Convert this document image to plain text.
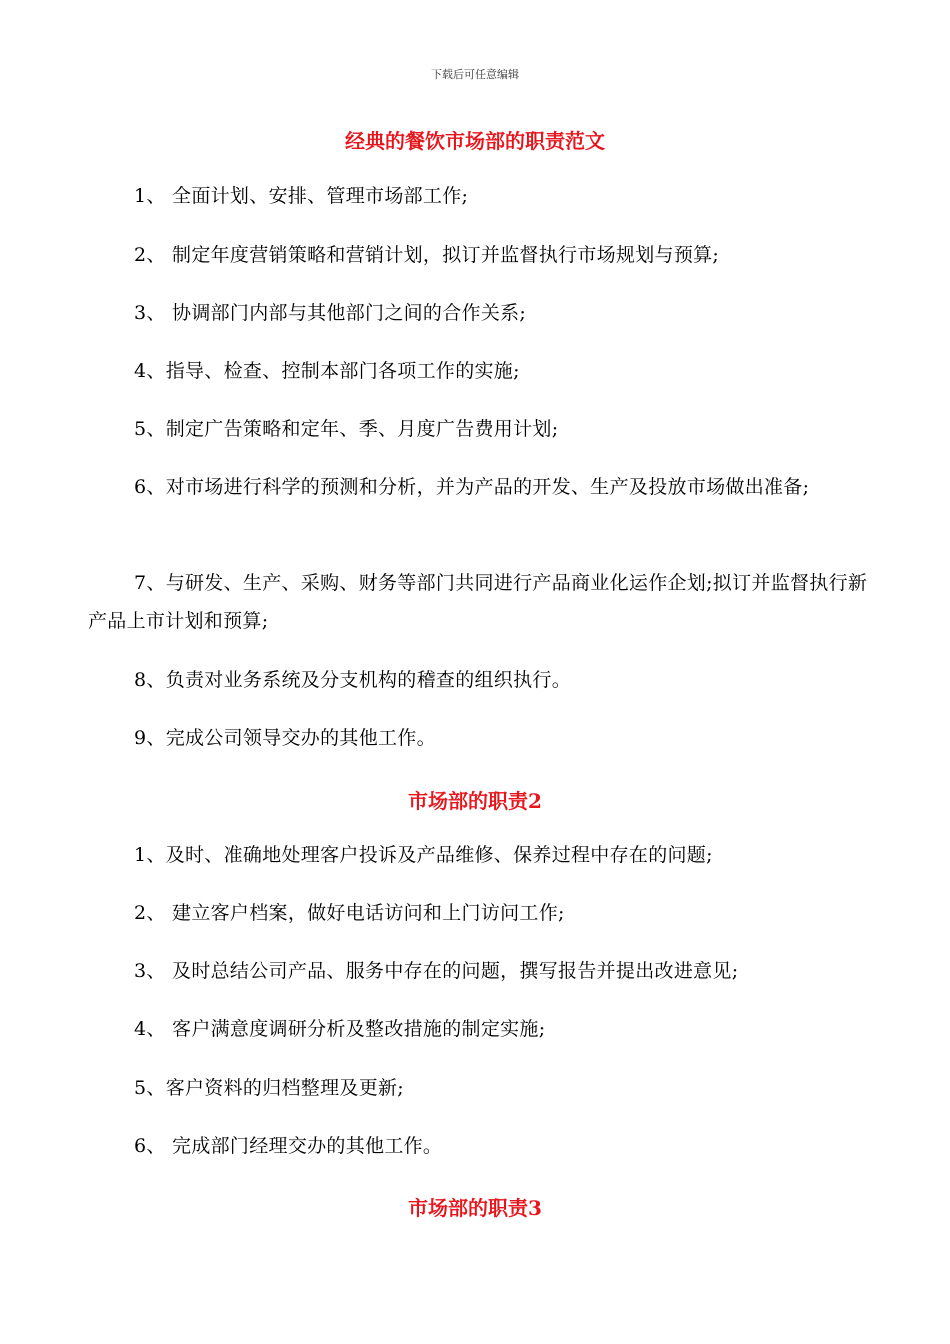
下载后可任意编辑
经典的餐饮市场部的职责范文

1、 全面计划、安排、管理市场部工作;

2、 制定年度营销策略和营销计划，拟订并监督执行市场规划与预算;

3、 协调部门内部与其他部门之间的合作关系;

4、指导、检查、控制本部门各项工作的实施;

5、制定广告策略和定年、季、月度广告费用计划;

6、对市场进行科学的预测和分析，并为产品的开发、生产及投放市场做出准备;

7、与研发、生产、采购、财务等部门共同进行产品商业化运作企划;拟订并监督执行新产品上市计划和预算;

8、负责对业务系统及分支机构的稽查的组织执行。

9、完成公司领导交办的其他工作。

市场部的职责2

1、及时、准确地处理客户投诉及产品维修、保养过程中存在的问题;

2、 建立客户档案，做好电话访问和上门访问工作;

3、 及时总结公司产品、服务中存在的问题，撰写报告并提出改进意见;

4、 客户满意度调研分析及整改措施的制定实施;

5、客户资料的归档整理及更新;

6、 完成部门经理交办的其他工作。

市场部的职责3
